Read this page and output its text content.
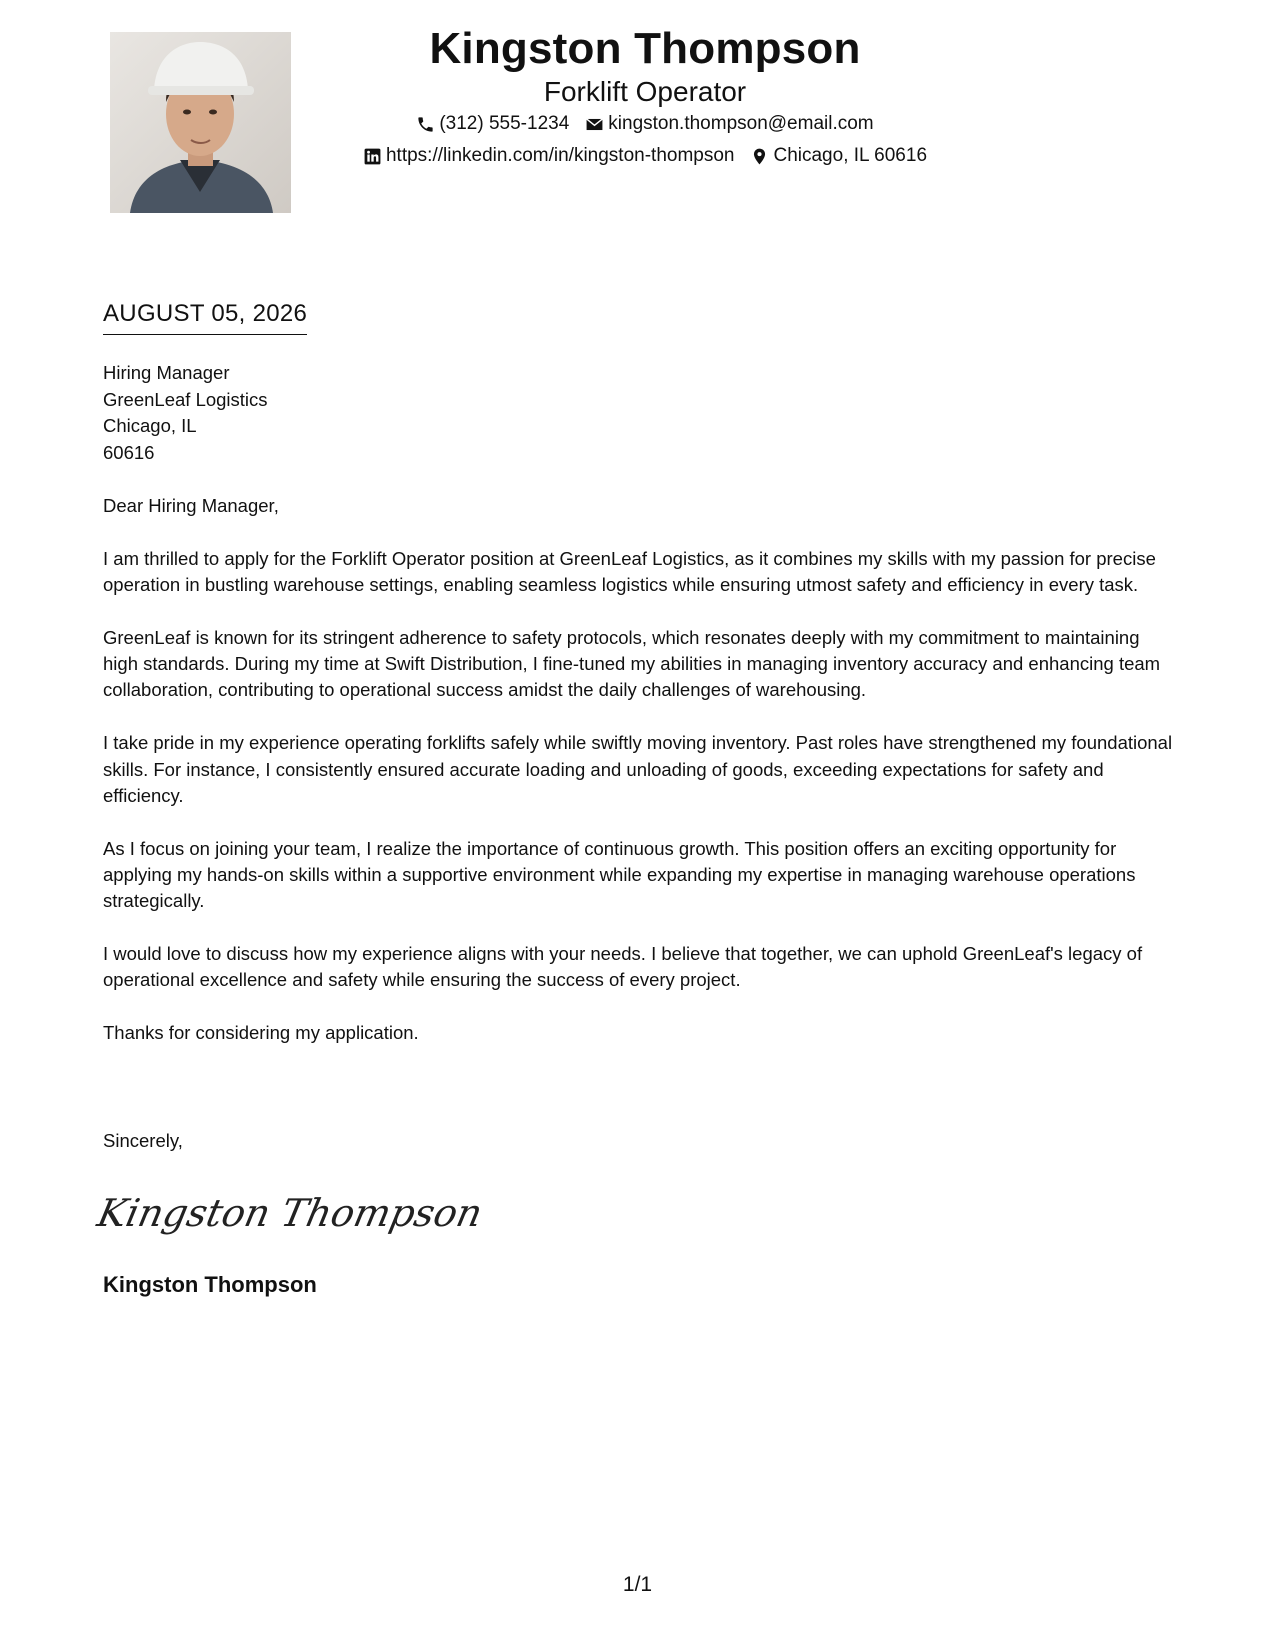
Kingston Thompson
Forklift Operator
(312) 555-1234 kingston.thompson@email.com
https://linkedin.com/in/kingston-thompson Chicago, IL 60616
AUGUST 05, 2026
Hiring Manager
GreenLeaf Logistics
Chicago, IL
60616

Dear Hiring Manager,

I am thrilled to apply for the Forklift Operator position at GreenLeaf Logistics, as it combines my skills with my passion for precise operation in bustling warehouse settings, enabling seamless logistics while ensuring utmost safety and efficiency in every task.

GreenLeaf is known for its stringent adherence to safety protocols, which resonates deeply with my commitment to maintaining high standards. During my time at Swift Distribution, I fine-tuned my abilities in managing inventory accuracy and enhancing team collaboration, contributing to operational success amidst the daily challenges of warehousing.

I take pride in my experience operating forklifts safely while swiftly moving inventory. Past roles have strengthened my foundational skills. For instance, I consistently ensured accurate loading and unloading of goods, exceeding expectations for safety and efficiency.

As I focus on joining your team, I realize the importance of continuous growth. This position offers an exciting opportunity for applying my hands-on skills within a supportive environment while expanding my expertise in managing warehouse operations strategically.

I would love to discuss how my experience aligns with your needs. I believe that together, we can uphold GreenLeaf's legacy of operational excellence and safety while ensuring the success of every project.

Thanks for considering my application.

Sincerely,
Kingston Thompson
Kingston Thompson
1/1
